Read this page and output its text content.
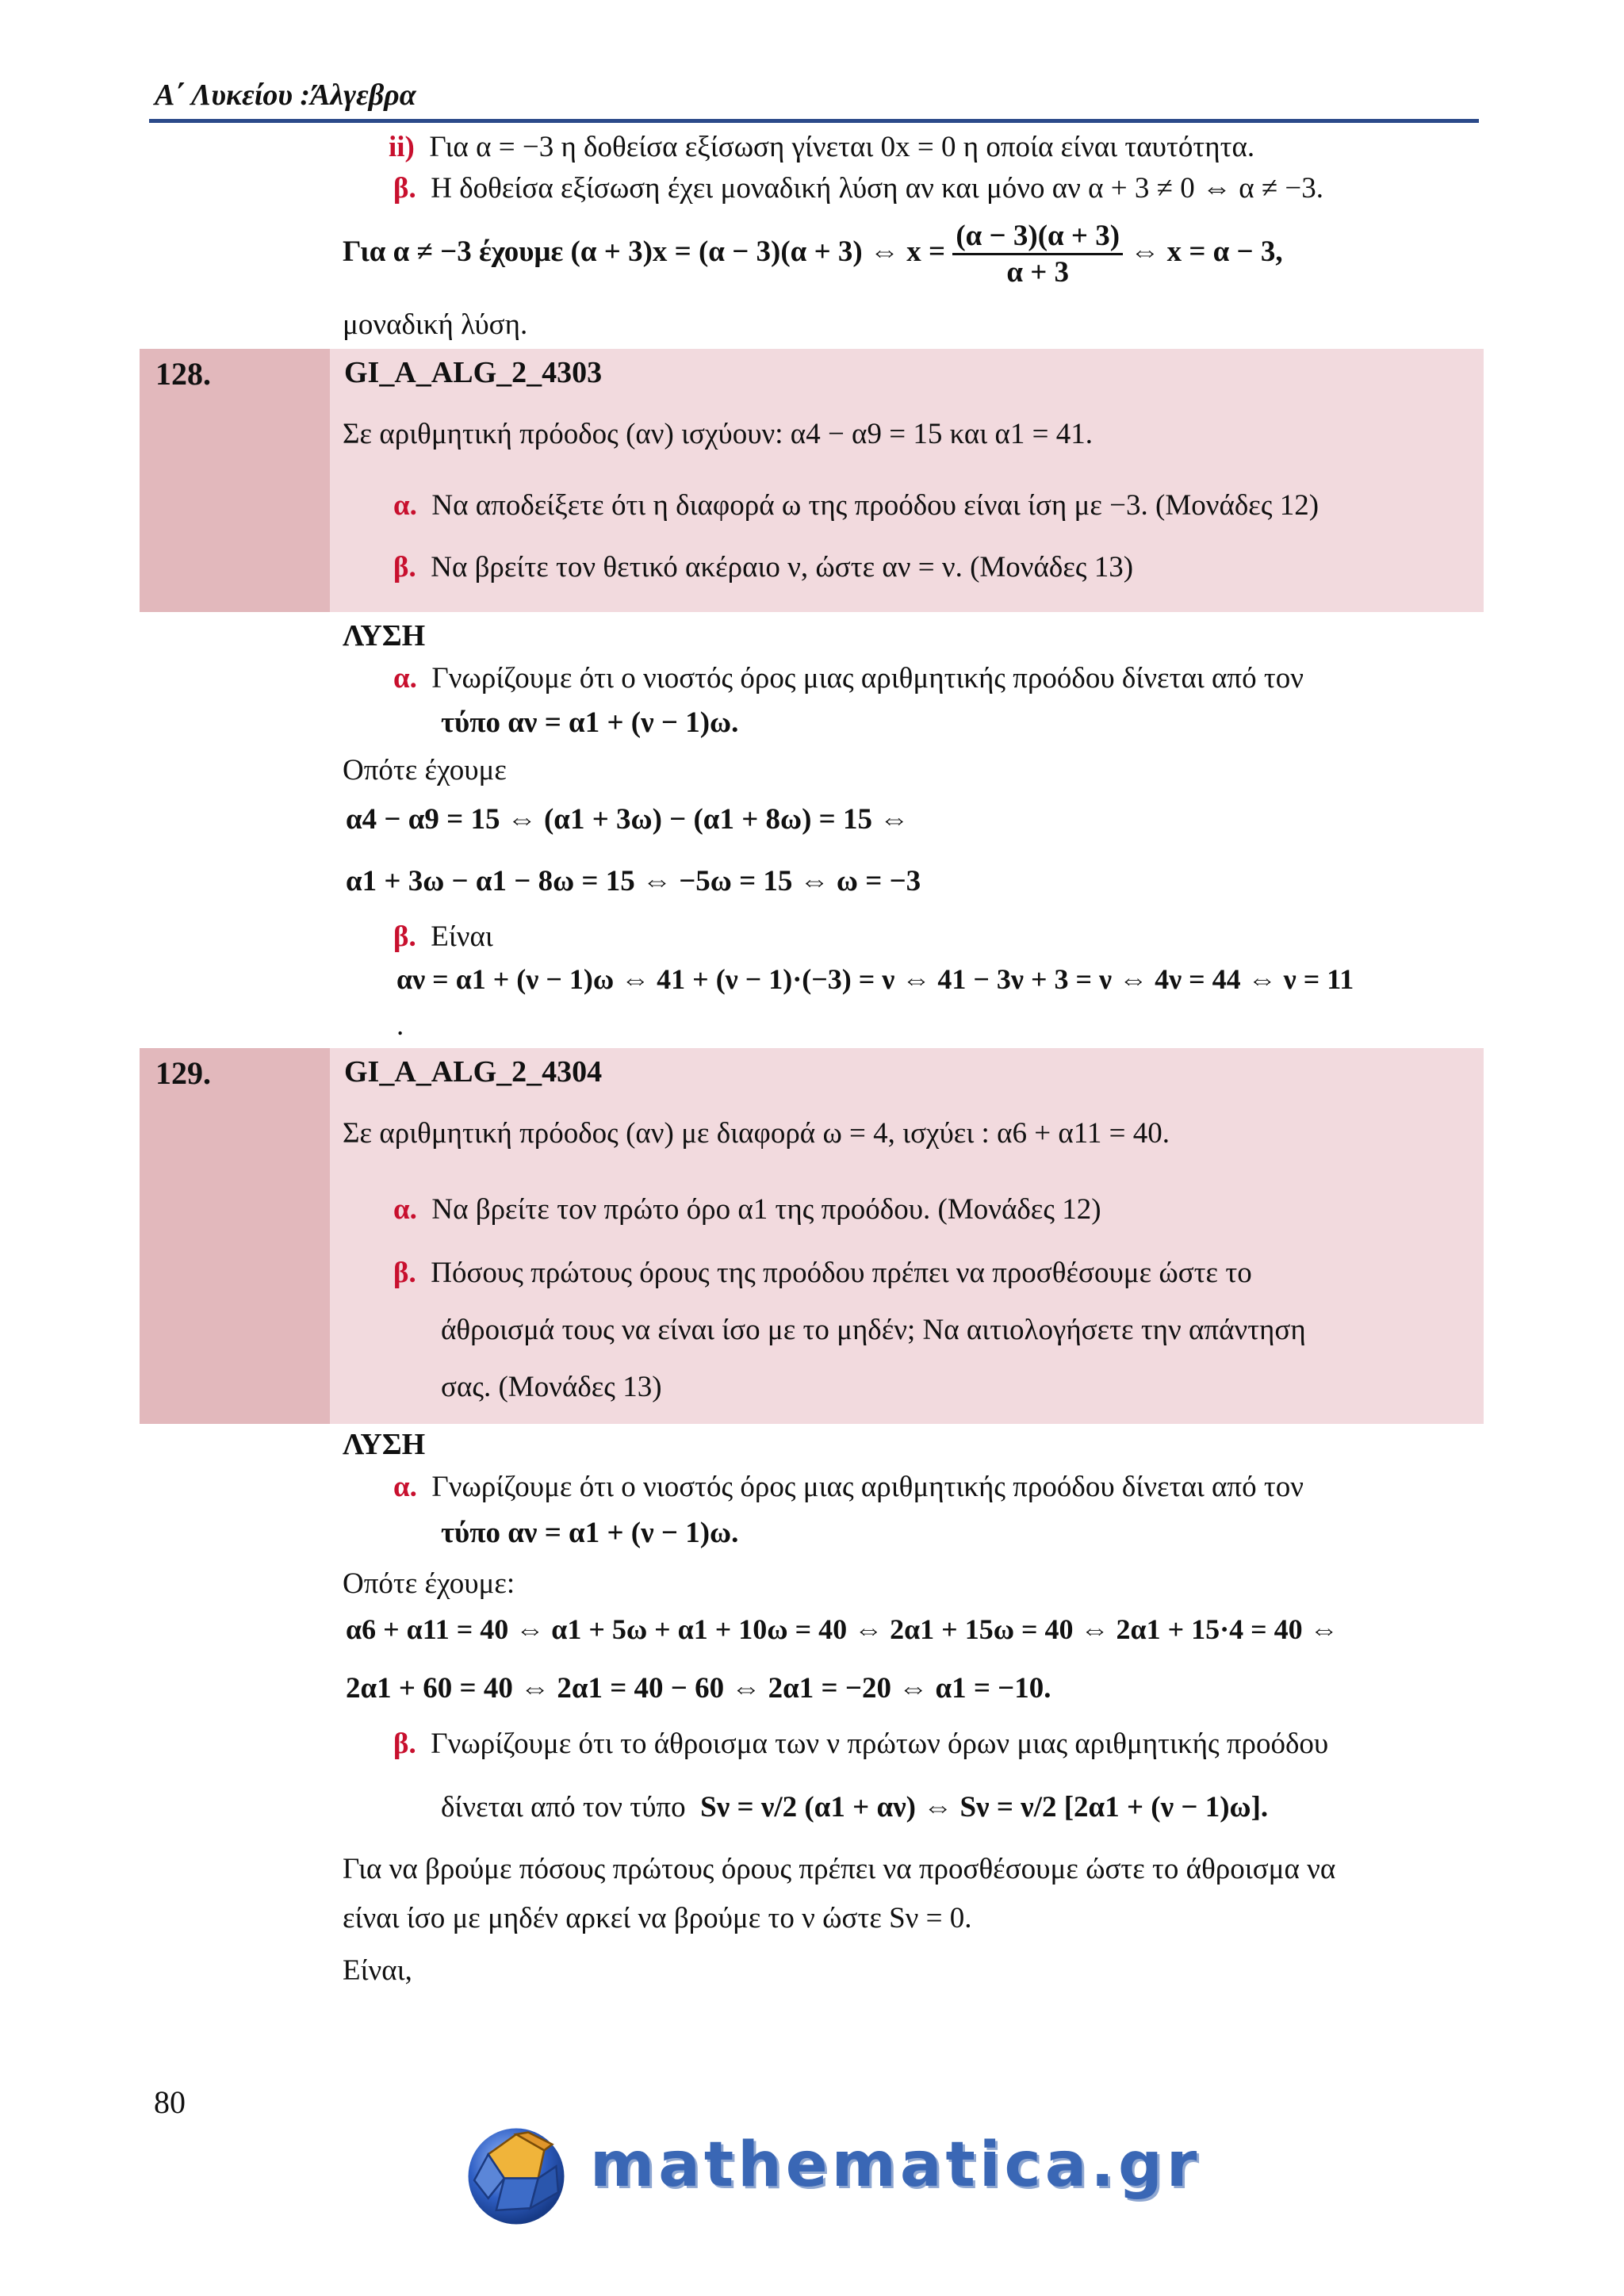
Α΄ Λυκείου :Άλγεβρα
ii) Για α = −3 η δοθείσα εξίσωση γίνεται 0x = 0 η οποία είναι ταυτότητα.
β. Η δοθείσα εξίσωση έχει μοναδική λύση αν και μόνο αν α + 3 ≠ 0 ⇔ α ≠ −3.
Για α ≠ −3 έχουμε (α + 3)x = (α − 3)(α + 3) ⇔ $x = \frac{(\alpha - 3)(\alpha + 3)}{\alpha + 3}$ ⇔ x = α − 3,
μοναδική λύση.
128.	GI_A_ALG_2_4303
Σε αριθμητική πρόοδος (αν) ισχύουν: α4 − α9 = 15 και α1 = 41.
α. Να αποδείξετε ότι η διαφορά ω της προόδου είναι ίση με −3. (Μονάδες 12)
β. Να βρείτε τον θετικό ακέραιο ν, ώστε αν = ν. (Μονάδες 13)
ΛΥΣΗ
α. Γνωρίζουμε ότι ο νιοστός όρος μιας αριθμητικής προόδου δίνεται από τον
τύπο αν = α1 + (ν − 1)ω.
Οπότε έχουμε
α4 − α9 = 15 ⇔ (α1 + 3ω) − (α1 + 8ω) = 15 ⇔
α1 + 3ω − α1 − 8ω = 15 ⇔ −5ω = 15 ⇔ ω = −3
β. Είναι
αν = α1 + (ν − 1)ω ⇔ 41 + (ν − 1)·(−3) = ν ⇔ 41 − 3ν + 3 = ν ⇔ 4ν = 44 ⇔ ν = 11
.
129.	GI_A_ALG_2_4304
Σε αριθμητική πρόοδος (αν) με διαφορά ω = 4, ισχύει : α6 + α11 = 40.
α. Να βρείτε τον πρώτο όρο α1 της προόδου. (Μονάδες 12)
β. Πόσους πρώτους όρους της προόδου πρέπει να προσθέσουμε ώστε το
άθροισμά τους να είναι ίσο με το μηδέν; Να αιτιολογήσετε την απάντηση
σας. (Μονάδες 13)
ΛΥΣΗ
α. Γνωρίζουμε ότι ο νιοστός όρος μιας αριθμητικής προόδου δίνεται από τον
τύπο αν = α1 + (ν − 1)ω.
Οπότε έχουμε:
α6 + α11 = 40 ⇔ α1 + 5ω + α1 + 10ω = 40 ⇔ 2α1 + 15ω = 40 ⇔ 2α1 + 15·4 = 40 ⇔
2α1 + 60 = 40 ⇔ 2α1 = 40 − 60 ⇔ 2α1 = −20 ⇔ α1 = −10.
β. Γνωρίζουμε ότι το άθροισμα των ν πρώτων όρων μιας αριθμητικής προόδου
δίνεται από τον τύπο Sν = ν/2 (α1 + αν) ⇔ Sν = ν/2 [2α1 + (ν − 1)ω].
Για να βρούμε πόσους πρώτους όρους πρέπει να προσθέσουμε ώστε το άθροισμα να
είναι ίσο με μηδέν αρκεί να βρούμε το ν ώστε Sν = 0.
Είναι,
80
mathematica.gr
